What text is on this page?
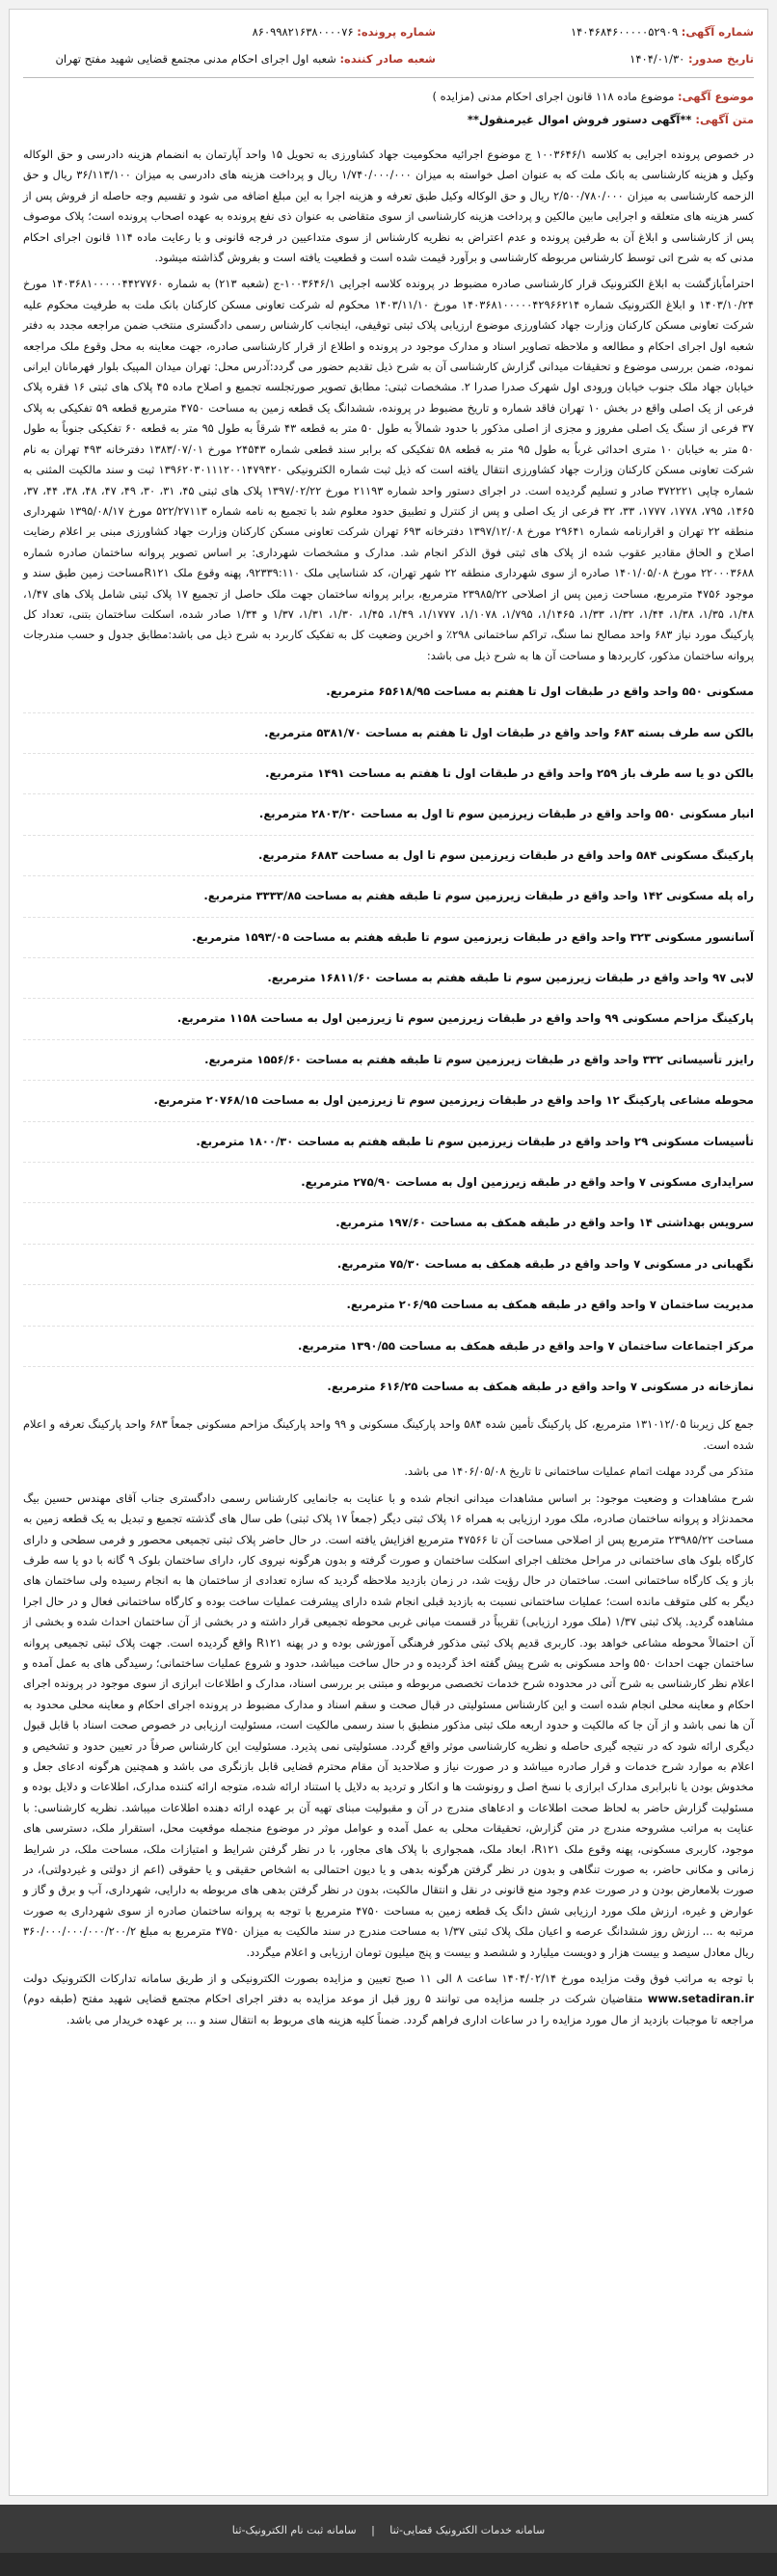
شماره آگهی: ۱۴۰۴۶۸۴۶۰۰۰۰۰۵۲۹۰۹
شماره پرونده: ۸۶۰۹۹۸۲۱۶۳۸۰۰۰۰۷۶
تاریخ صدور: ۱۴۰۴/۰۱/۳۰
شعبه صادر کننده: شعبه اول اجرای احکام مدنی مجتمع قضایی شهید مفتح تهران
موضوع آگهی: موضوع ماده ۱۱۸ قانون اجرای احکام مدنی (مزایده )
متن آگهی: **آگهی دستور فروش اموال غیرمنقول**

در خصوص پرونده اجرایی به کلاسه ۱۰۰۳۶۴۶/۱ ج موضوع اجرائیه محکومیت جهاد کشاورزی به تحویل ۱۵ واحد آپارتمان به انضمام هزینه دادرسی و حق الوکاله وکیل و هزینه کارشناسی به بانک ملت که به عنوان اصل خواسته به میزان ۱/۷۴۰/۰۰۰/۰۰۰ ریال و پرداخت هزینه های دادرسی به میزان ۳۶/۱۱۳/۱۰۰ ریال و حق الزحمه کارشناسی به میزان ۲/۵۰۰/۷۸۰/۰۰۰ ریال و حق الوکاله وکیل طبق تعرفه و هزینه اجرا به این مبلغ اضافه می شود و تقسیم وجه حاصله از فروش پس از کسر هزینه های متعلقه و اجرایی مابین مالکین و پرداخت هزینه کارشناسی از سوی متقاضی به عنوان ذی نفع پرونده به عهده اصحاب پرونده است؛ پلاک موصوف پس از کارشناسی و ابلاغ آن به طرفین پرونده و عدم اعتراض به نظریه کارشناس از سوی متداعیین در فرجه قانونی و با رعایت ماده ۱۱۴ قانون اجرای احکام مدنی که به شرح اتی توسط کارشناس مربوطه کارشناسی و برآورد قیمت شده است و قطعیت یافته است و بفروش گذاشته میشود.

احتراماًبازگشت به ابلاغ الکترونیک قرار کارشناسی صادره مضبوط در پرونده کلاسه اجرایی ۱۰۰۳۶۴۶/۱-ج (شعبه ۲۱۳) به شماره ۱۴۰۳۶۸۱۰۰۰۰۰۴۴۲۷۷۶۰ مورخ ۱۴۰۳/۱۰/۲۴ و ابلاغ الکترونیک شماره ۱۴۰۳۶۸۱۰۰۰۰۰۴۲۹۶۶۲۱۴ مورخ ۱۴۰۳/۱۱/۱۰ محکوم له شرکت تعاونی مسکن کارکنان بانک ملت به طرفیت محکوم علیه شرکت تعاونی مسکن کارکنان وزارت جهاد کشاورزی موضوع ارزیابی پلاک ثبتی توقیفی، اینجانب کارشناس رسمی دادگستری منتخب ضمن مراجعه مجدد به دفتر شعبه اول اجرای احکام و مطالعه و ملاحظه تصاویر اسناد و مدارک موجود در پرونده و اطلاع از قرار کارشناسی صادره، جهت معاینه به محل وقوع ملک مراجعه نموده، ضمن بررسی موضوع و تحقیقات میدانی گزارش کارشناسی آن به شرح ذیل تقدیم حضور می گردد:آدرس محل: تهران میدان المپیک بلوار فهرمانان ایرانی خیابان جهاد ملک جنوب خیابان ورودی اول شهرک صدرا صدرا ۲. مشخصات ثبتی: مطابق تصویر صورتجلسه تجمیع و اصلاح ماده ۴۵ پلاک های ثبتی ۱۶ فقره پلاک فرعی از یک اصلی واقع در بخش ۱۰ تهران فاقد شماره و تاریخ مضبوط در پرونده، ششدانگ یک قطعه زمین به مساحت ۴۷۵۰ مترمربع قطعه ۵۹ تفکیکی به پلاک ۳۷ فرعی از سنگ یک اصلی مفروز و مجزی از اصلی مذکور با حدود شمالاً به طول ۵۰ متر به قطعه ۴۳ شرقاً به طول ۹۵ متر به قطعه ۶۰ تفکیکی جنوباً به طول ۵۰ متر به خیابان ۱۰ متری احداثی غرباً به طول ۹۵ متر به قطعه ۵۸ تفکیکی که برابر سند قطعی شماره ۲۴۵۴۳ مورخ ۱۳۸۳/۰۷/۰۱ دفترخانه ۴۹۳ تهران به نام شرکت تعاونی مسکن کارکنان وزارت جهاد کشاورزی انتقال یافته است که ذیل ثبت شماره الکترونیکی ۱۳۹۶۲۰۳۰۱۱۱۲۰۰۱۴۷۹۴۲۰ ثبت و سند مالکیت المثنی به شماره چاپی ۳۷۲۲۲۱ صادر و تسلیم گردیده است. در اجرای دستور واحد شماره ۲۱۱۹۳ مورخ ۱۳۹۷/۰۲/۲۲ پلاک های ثبتی ۴۵، ۳۱، ۳۰، ۴۹، ۴۷، ۴۸، ۳۸، ۴۴، ۳۷، ۱۴۶۵، ۷۹۵، ۱۷۷۸، ۱۷۷۷، ۳۳، ۳۲ فرعی از یک اصلی و پس از کنترل و تطبیق حدود معلوم شد با تجمیع به نامه شماره ۵۲۲/۲۷۱۱۳ مورخ ۱۳۹۵/۰۸/۱۷ شهرداری منطقه ۲۲ تهران و اقرارنامه شماره ۲۹۶۴۱ مورخ ۱۳۹۷/۱۲/۰۸ دفترخانه ۶۹۳ تهران شرکت تعاونی مسکن کارکنان وزارت جهاد کشاورزی مبنی بر اعلام رضایت اصلاح و الحاق مقادیر عقوب شده از پلاک های ثبتی فوق الذکر انجام شد. مدارک و مشخصات شهرداری: بر اساس تصویر پروانه ساختمان صادره شماره ۲۲۰۰۰۳۶۸۸ مورخ ۱۴۰۱/۰۵/۰۸ صادره از سوی شهرداری منطقه ۲۲ شهر تهران، کد شناسایی ملک ۹۲۳۳۹:۱۱۰، پهنه وقوع ملک R۱۲۱مساحت زمین طبق سند و موجود ۴۷۵۶ مترمربع، مساحت زمین پس از اصلاحی ۲۳۹۸۵/۲۲ مترمربع، برابر پروانه ساختمان جهت ملک حاصل از تجمیع ۱۷ پلاک ثبتی شامل پلاک های ۱/۴۷، ۱/۴۸، ۱/۳۵، ۱/۳۸، ۱/۴۴، ۱/۳۲، ۱/۳۳، ۱/۱۴۶۵، ۱/۷۹۵، ۱/۱۰۷۸، ۱/۱۷۷۷، ۱/۴۹، ۱/۴۵، ۱/۳۰، ۱/۳۱، ۱/۳۷ و ۱/۳۴ صادر شده، اسکلت ساختمان بتنی، تعداد کل پارکینگ مورد نیاز ۶۸۳ واحد مصالح نما سنگ، تراکم ساختمانی ۲۹۸٪ و اخرین وضعیت کل به تفکیک کاربرد به شرح ذیل می باشد:مطابق جدول و حسب مندرجات پروانه ساختمان مذکور، کاربردها و مساحت آن ها به شرح ذیل می باشد:

مسکونی ۵۵۰ واحد واقع در طبقات اول تا هفتم به مساحت ۶۵۶۱۸/۹۵ مترمربع.

بالکن سه طرف بسته ۶۸۳ واحد واقع در طبقات اول تا هفتم به مساحت ۵۳۸۱/۷۰ مترمربع.

بالکن دو یا سه طرف باز ۲۵۹ واحد واقع در طبقات اول تا هفتم به مساحت ۱۴۹۱ مترمربع.

انبار مسکونی ۵۵۰ واحد واقع در طبقات زیرزمین سوم تا اول به مساحت ۲۸۰۳/۲۰ مترمربع.

پارکینگ مسکونی ۵۸۴ واحد واقع در طبقات زیرزمین سوم تا اول به مساحت ۶۸۸۳ مترمربع.

راه پله مسکونی ۱۴۲ واحد واقع در طبقات زیرزمین سوم تا طبقه هفتم به مساحت ۳۳۳۳/۸۵ مترمربع.

آسانسور مسکونی ۳۲۳ واحد واقع در طبقات زیرزمین سوم تا طبقه هفتم به مساحت ۱۵۹۳/۰۵ مترمربع.

لابی ۹۷ واحد واقع در طبقات زیرزمین سوم تا طبقه هفتم به مساحت ۱۶۸۱۱/۶۰ مترمربع.

پارکینگ مزاحم مسکونی ۹۹ واحد واقع در طبقات زیرزمین سوم تا زیرزمین اول به مساحت ۱۱۵۸ مترمربع.

رایزر تأسیساتی ۳۳۲ واحد واقع در طبقات زیرزمین سوم تا طبقه هفتم به مساحت ۱۵۵۶/۶۰ مترمربع.

محوطه مشاعی پارکینگ ۱۲ واحد واقع در طبقات زیرزمین سوم تا زیرزمین اول به مساحت ۲۰۷۶۸/۱۵ مترمربع.

تأسیسات مسکونی ۲۹ واحد واقع در طبقات زیرزمین سوم تا طبقه هفتم به مساحت ۱۸۰۰/۳۰ مترمربع.

سرایداری مسکونی ۷ واحد واقع در طبقه زیرزمین اول به مساحت ۲۷۵/۹۰ مترمربع.

سرویس بهداشتی ۱۴ واحد واقع در طبقه همکف به مساحت ۱۹۷/۶۰ مترمربع.

نگهبانی در مسکونی ۷ واحد واقع در طبقه همکف به مساحت ۷۵/۳۰ مترمربع.

مدیریت ساختمان ۷ واحد واقع در طبقه همکف به مساحت ۲۰۶/۹۵ مترمربع.

مرکز اجتماعات ساختمان ۷ واحد واقع در طبقه همکف به مساحت ۱۳۹۰/۵۵ مترمربع.

نمازخانه در مسکونی ۷ واحد واقع در طبقه همکف به مساحت ۶۱۶/۲۵ مترمربع.

جمع کل زیربنا ۱۳۱۰۱۲/۰۵ مترمربع، کل پارکینگ تأمین شده ۵۸۴ واحد پارکینگ مسکونی و ۹۹ واحد پارکینگ مزاحم مسکونی جمعاً ۶۸۳ واحد پارکینگ تعرفه و اعلام شده است.

متذکر می گردد مهلت اتمام عملیات ساختمانی تا تاریخ ۱۴۰۶/۰۵/۰۸ می باشد.

شرح مشاهدات و وضعیت موجود: بر اساس مشاهدات میدانی انجام شده و با عنایت به جانمایی کارشناس رسمی دادگستری جناب آقای مهندس حسین بیگ محمدنژاد و پروانه ساختمان صادره، ملک مورد ارزیابی به همراه ۱۶ پلاک ثبتی دیگر (جمعاً ۱۷ پلاک ثبتی) طی سال های گذشته تجمیع و تبدیل به یک قطعه زمین به مساحت ۲۳۹۸۵/۲۲ مترمربع پس از اصلاحی مساحت آن تا ۴۷۵۶۶ مترمربع افزایش یافته است. در حال حاضر پلاک ثبتی تجمیعی محصور و فرمی سطحی و دارای کارگاه بلوک های ساختمانی در مراحل مختلف اجرای اسکلت ساختمان و صورت گرفته و بدون هرگونه نیروی کار، دارای ساختمان بلوک ۹ گانه با دو یا سه طرف باز و یک کارگاه ساختمانی است. ساختمان در حال رؤیت شد، در زمان بازدید ملاحظه گردید که سازه تعدادی از ساختمان ها به انجام رسیده ولی ساختمان های دیگر به کلی متوقف مانده است؛ عملیات ساختمانی نسبت به بازدید قبلی انجام شده دارای پیشرفت عملیات ساخت بوده و کارگاه ساختمانی فعال و در حال اجرا مشاهده گردید. پلاک ثبتی ۱/۳۷ (ملک مورد ارزیابی) تقریباً در قسمت میانی غربی محوطه تجمیعی قرار داشته و در بخشی از آن ساختمان احداث شده و بخشی از آن احتمالاً محوطه مشاعی خواهد بود. کاربری قدیم پلاک ثبتی مذکور فرهنگی آموزشی بوده و در پهنه R۱۲۱ واقع گردیده است. جهت پلاک ثبتی تجمیعی پروانه ساختمان جهت احداث ۵۵۰ واحد مسکونی به شرح پیش گفته اخذ گردیده و در حال ساخت میباشد، حدود و شروع عملیات ساختمانی؛ رسیدگی های به عمل آمده و اعلام نظر کارشناسی به شرح آتی در محدوده شرح خدمات تخصصی مربوطه و مبتنی بر بررسی اسناد، مدارک و اطلاعات ابرازی از سوی موجود در پرونده اجرای احکام و معاینه محلی انجام شده است و این کارشناس مسئولیتی در قبال صحت و سقم اسناد و مدارک مضبوط در پرونده اجرای احکام و معاینه محلی محدود به آن ها نمی باشد و از آن جا که مالکیت و حدود اربعه ملک ثبتی مذکور منطبق با سند رسمی مالکیت است، مسئولیت ارزیابی در خصوص صحت اسناد با قابل قبول دیگری ارائه شود که در نتیجه گیری حاصله و نظریه کارشناسی موثر واقع گردد. مسئولیتی نمی پذیرد. مسئولیت این کارشناس صرفاً در تعیین حدود و تشخیص و اعلام به موارد شرح خدمات و قرار صادره میباشد و در صورت نیاز و صلاحدید آن مقام محترم قضایی قابل بازنگری می باشد و همچنین هرگونه ادعای جعل و مخدوش بودن یا نابرابری مدارک ابرازی با نسخ اصل و رونوشت ها و انکار و تردید به دلایل یا استناد ارائه شده، متوجه ارائه کننده مدارک، اطلاعات و دلایل بوده و مسئولیت گزارش حاضر به لحاظ صحت اطلاعات و ادعاهای مندرج در آن و مقبولیت مبنای تهیه آن بر عهده ارائه دهنده اطلاعات میباشد. نظریه کارشناسی: با عنایت به مراتب مشروحه مندرج در متن گزارش، تحقیقات محلی به عمل آمده و عوامل موثر در موضوع منجمله موقعیت محل، استقرار ملک، دسترسی های موجود، کاربری مسکونی، پهنه وقوع ملک R۱۲۱، ابعاد ملک، همجواری با پلاک های مجاور، با در نظر گرفتن شرایط و امتیازات ملک، مساحت ملک، در شرایط زمانی و مکانی حاضر، به صورت تنگاهی و بدون در نظر گرفتن هرگونه بدهی و یا دیون احتمالی به اشخاص حقیقی و یا حقوقی (اعم از دولتی و غیردولتی)، در صورت بلامعارض بودن و در صورت عدم وجود منع قانونی در نقل و انتقال مالکیت، بدون در نظر گرفتن بدهی های مربوطه به دارایی، شهرداری، آب و برق و گاز و عوارض و غیره، ارزش ملک مورد ارزیابی شش دانگ یک قطعه زمین به مساحت ۴۷۵۰ مترمربع با توجه به پروانه ساختمان صادره از سوی شهرداری به صورت مرتبه به ... ارزش روز ششدانگ عرصه و اعیان ملک پلاک ثبتی ۱/۳۷ به مساحت مندرج در سند مالکیت به میزان ۴۷۵۰ مترمربع به مبلغ ۳۶۰/۰۰۰/۰۰۰/۰۰۰/۲۰۰/۲ ریال معادل سیصد و بیست هزار و دویست میلیارد و ششصد و بیست و پنج میلیون تومان ارزیابی و اعلام میگردد.

با توجه به مراتب فوق وقت مزایده مورخ ۱۴۰۴/۰۲/۱۴ ساعت ۸ الی ۱۱ صبح تعیین و مزایده بصورت الکترونیکی و از طریق سامانه تدارکات الکترونیک دولت www.setadiran.ir متقاضیان شرکت در جلسه مزایده می توانند ۵ روز قبل از موعد مزایده به دفتر اجرای احکام مجتمع قضایی شهید مفتح (طبقه دوم) مراجعه تا موجبات بازدید از مال مورد مزایده را در ساعات اداری فراهم گردد. ضمناً کلیه هزینه های مربوط به انتقال سند و ... بر عهده خریدار می باشد.

سامانه خدمات الکترونیک قضایی-ثنا | سامانه ثبت نام الکترونیک-ثنا
